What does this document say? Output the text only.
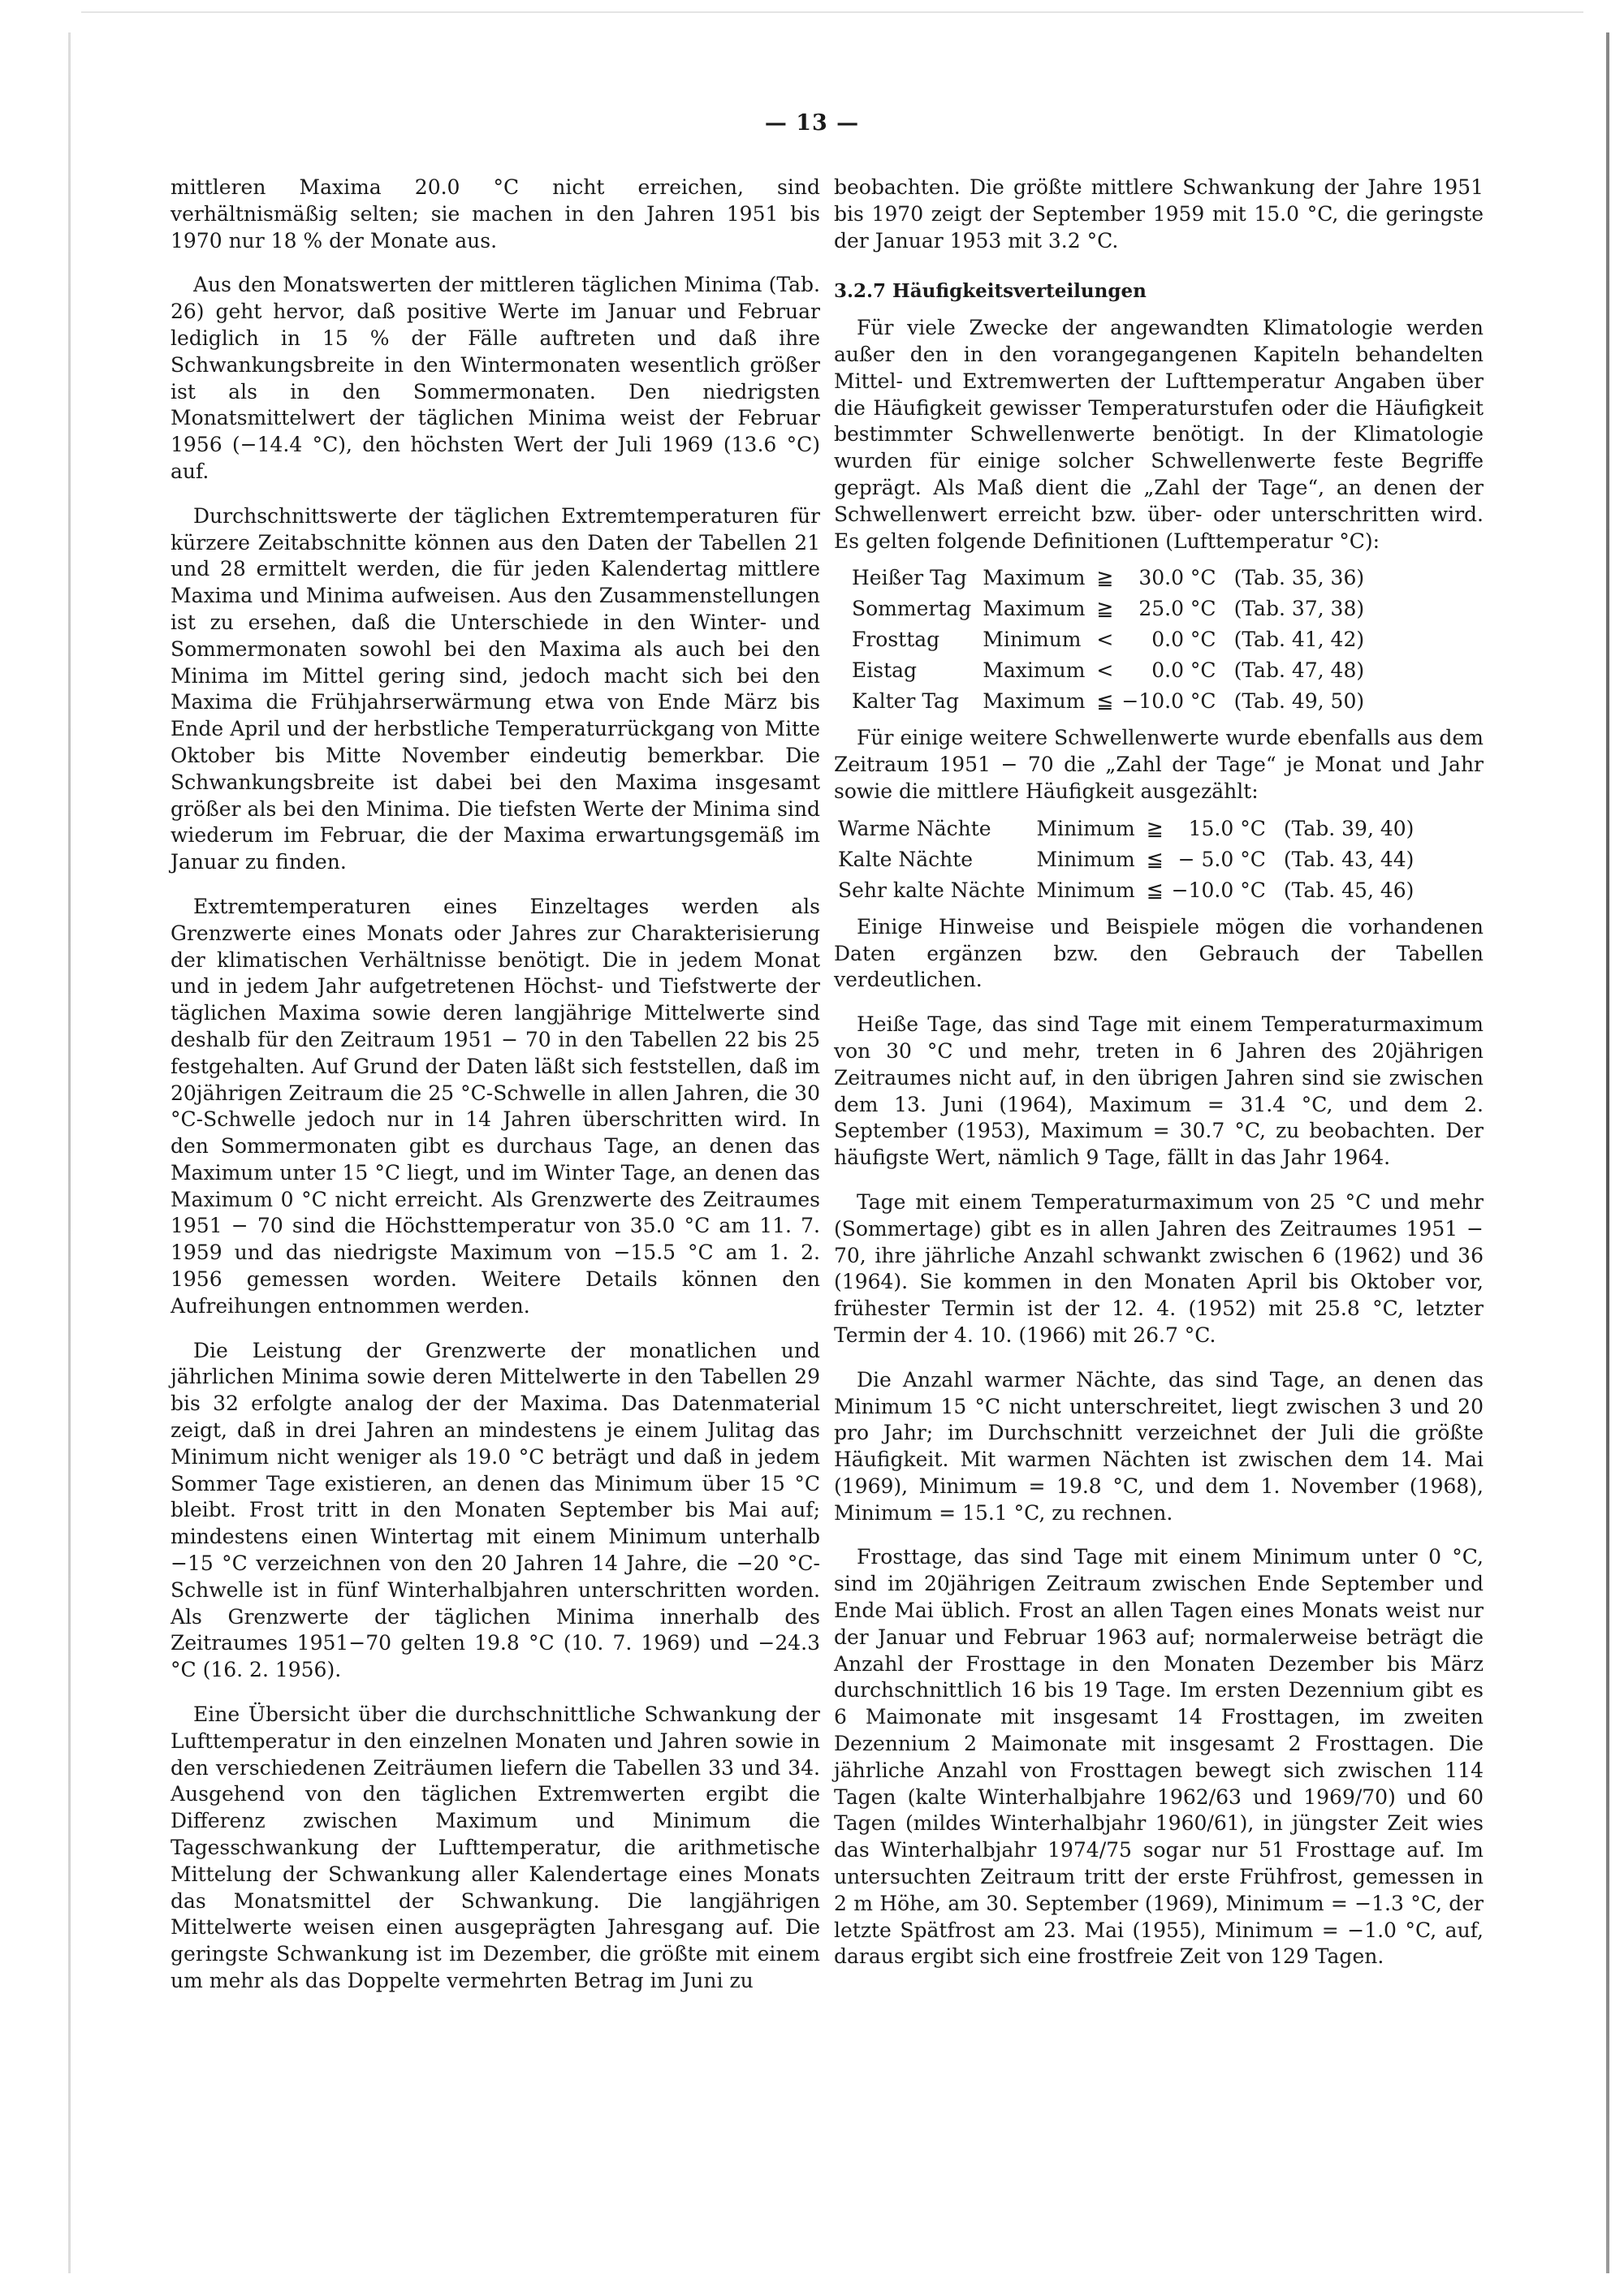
— 13 —

mittleren Maxima 20.0 °C nicht erreichen, sind verhältnismäßig selten; sie machen in den Jahren 1951 bis 1970 nur 18 % der Monate aus.

Aus den Monatswerten der mittleren täglichen Minima (Tab. 26) geht hervor, daß positive Werte im Januar und Februar lediglich in 15 % der Fälle auftreten und daß ihre Schwankungsbreite in den Wintermonaten wesentlich größer ist als in den Sommermonaten. Den niedrigsten Monatsmittelwert der täglichen Minima weist der Februar 1956 (−14.4 °C), den höchsten Wert der Juli 1969 (13.6 °C) auf.

Durchschnittswerte der täglichen Extremtemperaturen für kürzere Zeitabschnitte können aus den Daten der Tabellen 21 und 28 ermittelt werden, die für jeden Kalendertag mittlere Maxima und Minima aufweisen. Aus den Zusammenstellungen ist zu ersehen, daß die Unterschiede in den Winter- und Sommermonaten sowohl bei den Maxima als auch bei den Minima im Mittel gering sind, jedoch macht sich bei den Maxima die Frühjahrserwärmung etwa von Ende März bis Ende April und der herbstliche Temperaturrückgang von Mitte Oktober bis Mitte November eindeutig bemerkbar. Die Schwankungsbreite ist dabei bei den Maxima insgesamt größer als bei den Minima. Die tiefsten Werte der Minima sind wiederum im Februar, die der Maxima erwartungsgemäß im Januar zu finden.

Extremtemperaturen eines Einzeltages werden als Grenzwerte eines Monats oder Jahres zur Charakterisierung der klimatischen Verhältnisse benötigt. Die in jedem Monat und in jedem Jahr aufgetretenen Höchst- und Tiefstwerte der täglichen Maxima sowie deren langjährige Mittelwerte sind deshalb für den Zeitraum 1951 − 70 in den Tabellen 22 bis 25 festgehalten. Auf Grund der Daten läßt sich feststellen, daß im 20jährigen Zeitraum die 25 °C-Schwelle in allen Jahren, die 30 °C-Schwelle jedoch nur in 14 Jahren überschritten wird. In den Sommermonaten gibt es durchaus Tage, an denen das Maximum unter 15 °C liegt, und im Winter Tage, an denen das Maximum 0 °C nicht erreicht. Als Grenzwerte des Zeitraumes 1951 − 70 sind die Höchsttemperatur von 35.0 °C am 11. 7. 1959 und das niedrigste Maximum von −15.5 °C am 1. 2. 1956 gemessen worden. Weitere Details können den Aufreihungen entnommen werden.

Die Leistung der Grenzwerte der monatlichen und jährlichen Minima sowie deren Mittelwerte in den Tabellen 29 bis 32 erfolgte analog der der Maxima. Das Datenmaterial zeigt, daß in drei Jahren an mindestens je einem Julitag das Minimum nicht weniger als 19.0 °C beträgt und daß in jedem Sommer Tage existieren, an denen das Minimum über 15 °C bleibt. Frost tritt in den Monaten September bis Mai auf; mindestens einen Wintertag mit einem Minimum unterhalb −15 °C verzeichnen von den 20 Jahren 14 Jahre, die −20 °C-Schwelle ist in fünf Winterhalbjahren unterschritten worden. Als Grenzwerte der täglichen Minima innerhalb des Zeitraumes 1951−70 gelten 19.8 °C (10. 7. 1969) und −24.3 °C (16. 2. 1956).

Eine Übersicht über die durchschnittliche Schwankung der Lufttemperatur in den einzelnen Monaten und Jahren sowie in den verschiedenen Zeiträumen liefern die Tabellen 33 und 34. Ausgehend von den täglichen Extremwerten ergibt die Differenz zwischen Maximum und Minimum die Tagesschwankung der Lufttemperatur, die arithmetische Mittelung der Schwankung aller Kalendertage eines Monats das Monatsmittel der Schwankung. Die langjährigen Mittelwerte weisen einen ausgeprägten Jahresgang auf. Die geringste Schwankung ist im Dezember, die größte mit einem um mehr als das Doppelte vermehrten Betrag im Juni zu

beobachten. Die größte mittlere Schwankung der Jahre 1951 bis 1970 zeigt der September 1959 mit 15.0 °C, die geringste der Januar 1953 mit 3.2 °C.

3.2.7 Häufigkeitsverteilungen

Für viele Zwecke der angewandten Klimatologie werden außer den in den vorangegangenen Kapiteln behandelten Mittel- und Extremwerten der Lufttemperatur Angaben über die Häufigkeit gewisser Temperaturstufen oder die Häufigkeit bestimmter Schwellenwerte benötigt. In der Klimatologie wurden für einige solcher Schwellenwerte feste Begriffe geprägt. Als Maß dient die „Zahl der Tage“, an denen der Schwellenwert erreicht bzw. über- oder unterschritten wird. Es gelten folgende Definitionen (Lufttemperatur °C):

Heißer Tag	Maximum	≧	30.0 °C	(Tab. 35, 36)
Sommertag	Maximum	≧	25.0 °C	(Tab. 37, 38)
Frosttag	Minimum	<	0.0 °C	(Tab. 41, 42)
Eistag	Maximum	<	0.0 °C	(Tab. 47, 48)
Kalter Tag	Maximum	≦	−10.0 °C	(Tab. 49, 50)

Für einige weitere Schwellenwerte wurde ebenfalls aus dem Zeitraum 1951 − 70 die „Zahl der Tage“ je Monat und Jahr sowie die mittlere Häufigkeit ausgezählt:

Warme Nächte	Minimum	≧	15.0 °C	(Tab. 39, 40)
Kalte Nächte	Minimum	≦	− 5.0 °C	(Tab. 43, 44)
Sehr kalte Nächte	Minimum	≦	−10.0 °C	(Tab. 45, 46)

Einige Hinweise und Beispiele mögen die vorhandenen Daten ergänzen bzw. den Gebrauch der Tabellen verdeutlichen.

Heiße Tage, das sind Tage mit einem Temperaturmaximum von 30 °C und mehr, treten in 6 Jahren des 20jährigen Zeitraumes nicht auf, in den übrigen Jahren sind sie zwischen dem 13. Juni (1964), Maximum = 31.4 °C, und dem 2. September (1953), Maximum = 30.7 °C, zu beobachten. Der häufigste Wert, nämlich 9 Tage, fällt in das Jahr 1964.

Tage mit einem Temperaturmaximum von 25 °C und mehr (Sommertage) gibt es in allen Jahren des Zeitraumes 1951 − 70, ihre jährliche Anzahl schwankt zwischen 6 (1962) und 36 (1964). Sie kommen in den Monaten April bis Oktober vor, frühester Termin ist der 12. 4. (1952) mit 25.8 °C, letzter Termin der 4. 10. (1966) mit 26.7 °C.

Die Anzahl warmer Nächte, das sind Tage, an denen das Minimum 15 °C nicht unterschreitet, liegt zwischen 3 und 20 pro Jahr; im Durchschnitt verzeichnet der Juli die größte Häufigkeit. Mit warmen Nächten ist zwischen dem 14. Mai (1969), Minimum = 19.8 °C, und dem 1. November (1968), Minimum = 15.1 °C, zu rechnen.

Frosttage, das sind Tage mit einem Minimum unter 0 °C, sind im 20jährigen Zeitraum zwischen Ende September und Ende Mai üblich. Frost an allen Tagen eines Monats weist nur der Januar und Februar 1963 auf; normalerweise beträgt die Anzahl der Frosttage in den Monaten Dezember bis März durchschnittlich 16 bis 19 Tage. Im ersten Dezennium gibt es 6 Maimonate mit insgesamt 14 Frosttagen, im zweiten Dezennium 2 Maimonate mit insgesamt 2 Frosttagen. Die jährliche Anzahl von Frosttagen bewegt sich zwischen 114 Tagen (kalte Winterhalbjahre 1962/63 und 1969/70) und 60 Tagen (mildes Winterhalbjahr 1960/61), in jüngster Zeit wies das Winterhalbjahr 1974/75 sogar nur 51 Frosttage auf. Im untersuchten Zeitraum tritt der erste Frühfrost, gemessen in 2 m Höhe, am 30. September (1969), Minimum = −1.3 °C, der letzte Spätfrost am 23. Mai (1955), Minimum = −1.0 °C, auf, daraus ergibt sich eine frostfreie Zeit von 129 Tagen.
